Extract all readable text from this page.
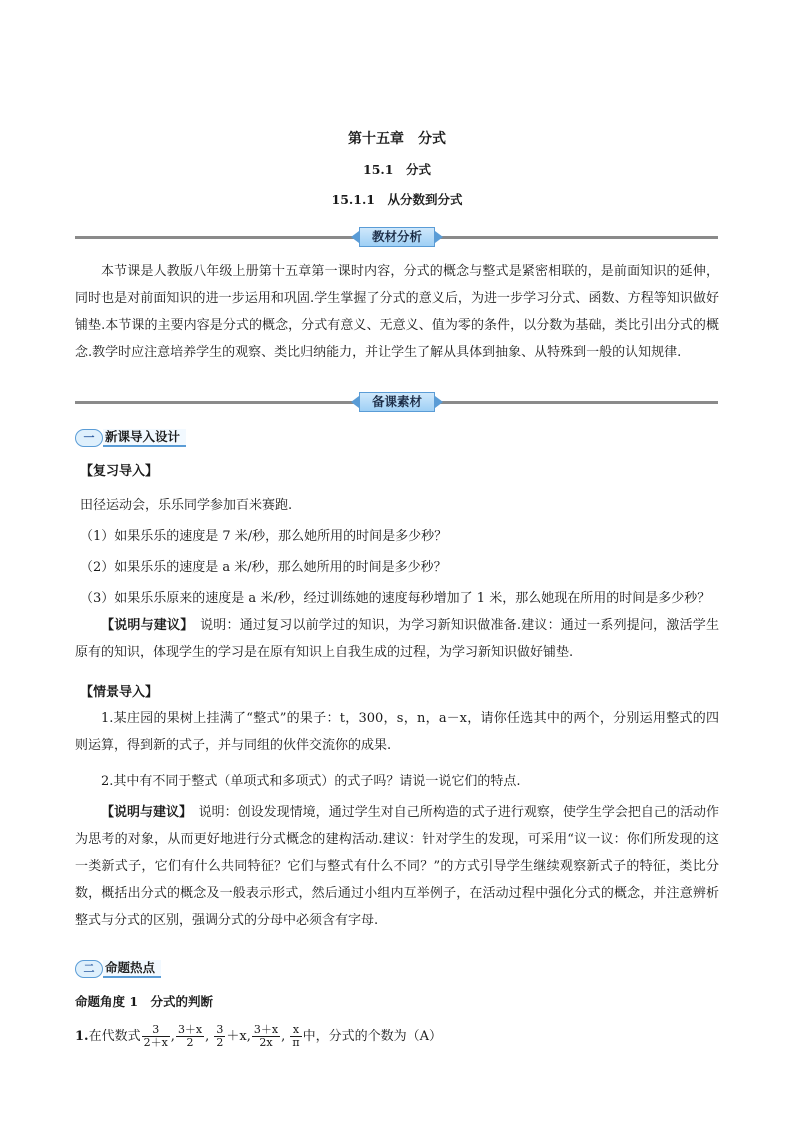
第十五章　分式
15.1　分式
15.1.1　从分数到分式
教材分析
本节课是人教版八年级上册第十五章第一课时内容，分式的概念与整式是紧密相联的，是前面知识的延伸，同时也是对前面知识的进一步运用和巩固.学生掌握了分式的意义后，为进一步学习分式、函数、方程等知识做好铺垫.本节课的主要内容是分式的概念，分式有意义、无意义、值为零的条件，以分数为基础，类比引出分式的概念.教学时应注意培养学生的观察、类比归纳能力，并让学生了解从具体到抽象、从特殊到一般的认知规律.
备课素材
一 新课导入设计
【复习导入】
田径运动会，乐乐同学参加百米赛跑.
（1）如果乐乐的速度是 7 米/秒，那么她所用的时间是多少秒？
（2）如果乐乐的速度是 a 米/秒，那么她所用的时间是多少秒？
（3）如果乐乐原来的速度是 a 米/秒，经过训练她的速度每秒增加了 1 米，那么她现在所用的时间是多少秒？
【说明与建议】　 说明：通过复习以前学过的知识，为学习新知识做准备.建议：通过一系列提问，激活学生原有的知识，体现学生的学习是在原有知识上自我生成的过程，为学习新知识做好铺垫.
【情景导入】
1.某庄园的果树上挂满了“整式”的果子：t，300，s，n，a－x，请你任选其中的两个，分别运用整式的四则运算，得到新的式子，并与同组的伙伴交流你的成果.
2.其中有不同于整式（单项式和多项式）的式子吗？请说一说它们的特点.
【说明与建议】　 说明：创设发现情境，通过学生对自己所构造的式子进行观察，使学生学会把自己的活动作为思考的对象，从而更好地进行分式概念的建构活动.建议：针对学生的发现，可采用“议一议：你们所发现的这一类新式子，它们有什么共同特征？它们与整式有什么不同？”的方式引导学生继续观察新式子的特征，类比分数，概括出分式的概念及一般表示形式，然后通过小组内互举例子，在活动过程中强化分式的概念，并注意辨析整式与分式的区别，强调分式的分母中必须含有字母.
二 命题热点
命题角度 1　分式的判断
1.在代数式 $\frac{3}{2+x}$ , $\frac{3+x}{2}$ , $\frac{3}{2} +x$, $\frac{3+x}{2x}$ , $\frac{x}{\pi}$ 中，分式的个数为（A）
